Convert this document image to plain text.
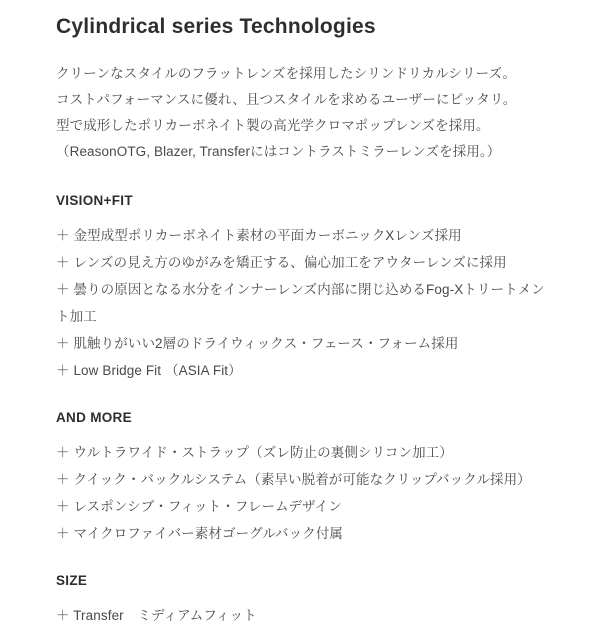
Cylindrical series Technologies
クリーンなスタイルのフラットレンズを採用したシリンドリカルシリーズ。
コストパフォーマンスに優れ、且つスタイルを求めるユーザーにピッタリ。
型で成形したポリカーボネイト製の高光学クロマポップレンズを採用。
（ReasonOTG, Blazer, Transferにはコントラストミラーレンズを採用。）
VISION+FIT
＋ 金型成型ポリカーボネイト素材の平面カーボニックXレンズ採用
＋ レンズの見え方のゆがみを矯正する、偏心加工をアウターレンズに採用
＋ 曇りの原因となる水分をインナーレンズ内部に閉じ込めるFog-Xトリートメント加工
＋ 肌触りがいい2層のドライウィックス・フェース・フォーム採用
＋ Low Bridge Fit （ASIA Fit）
AND MORE
＋ ウルトラワイド・ストラップ（ズレ防止の裏側シリコン加工）
＋ クイック・バックルシステム（素早い脱着が可能なクリップバックル採用）
＋ レスポンシブ・フィット・フレームデザイン
＋ マイクロファイバー素材ゴーグルバック付属
SIZE
＋ Transfer　ミディアムフィット
